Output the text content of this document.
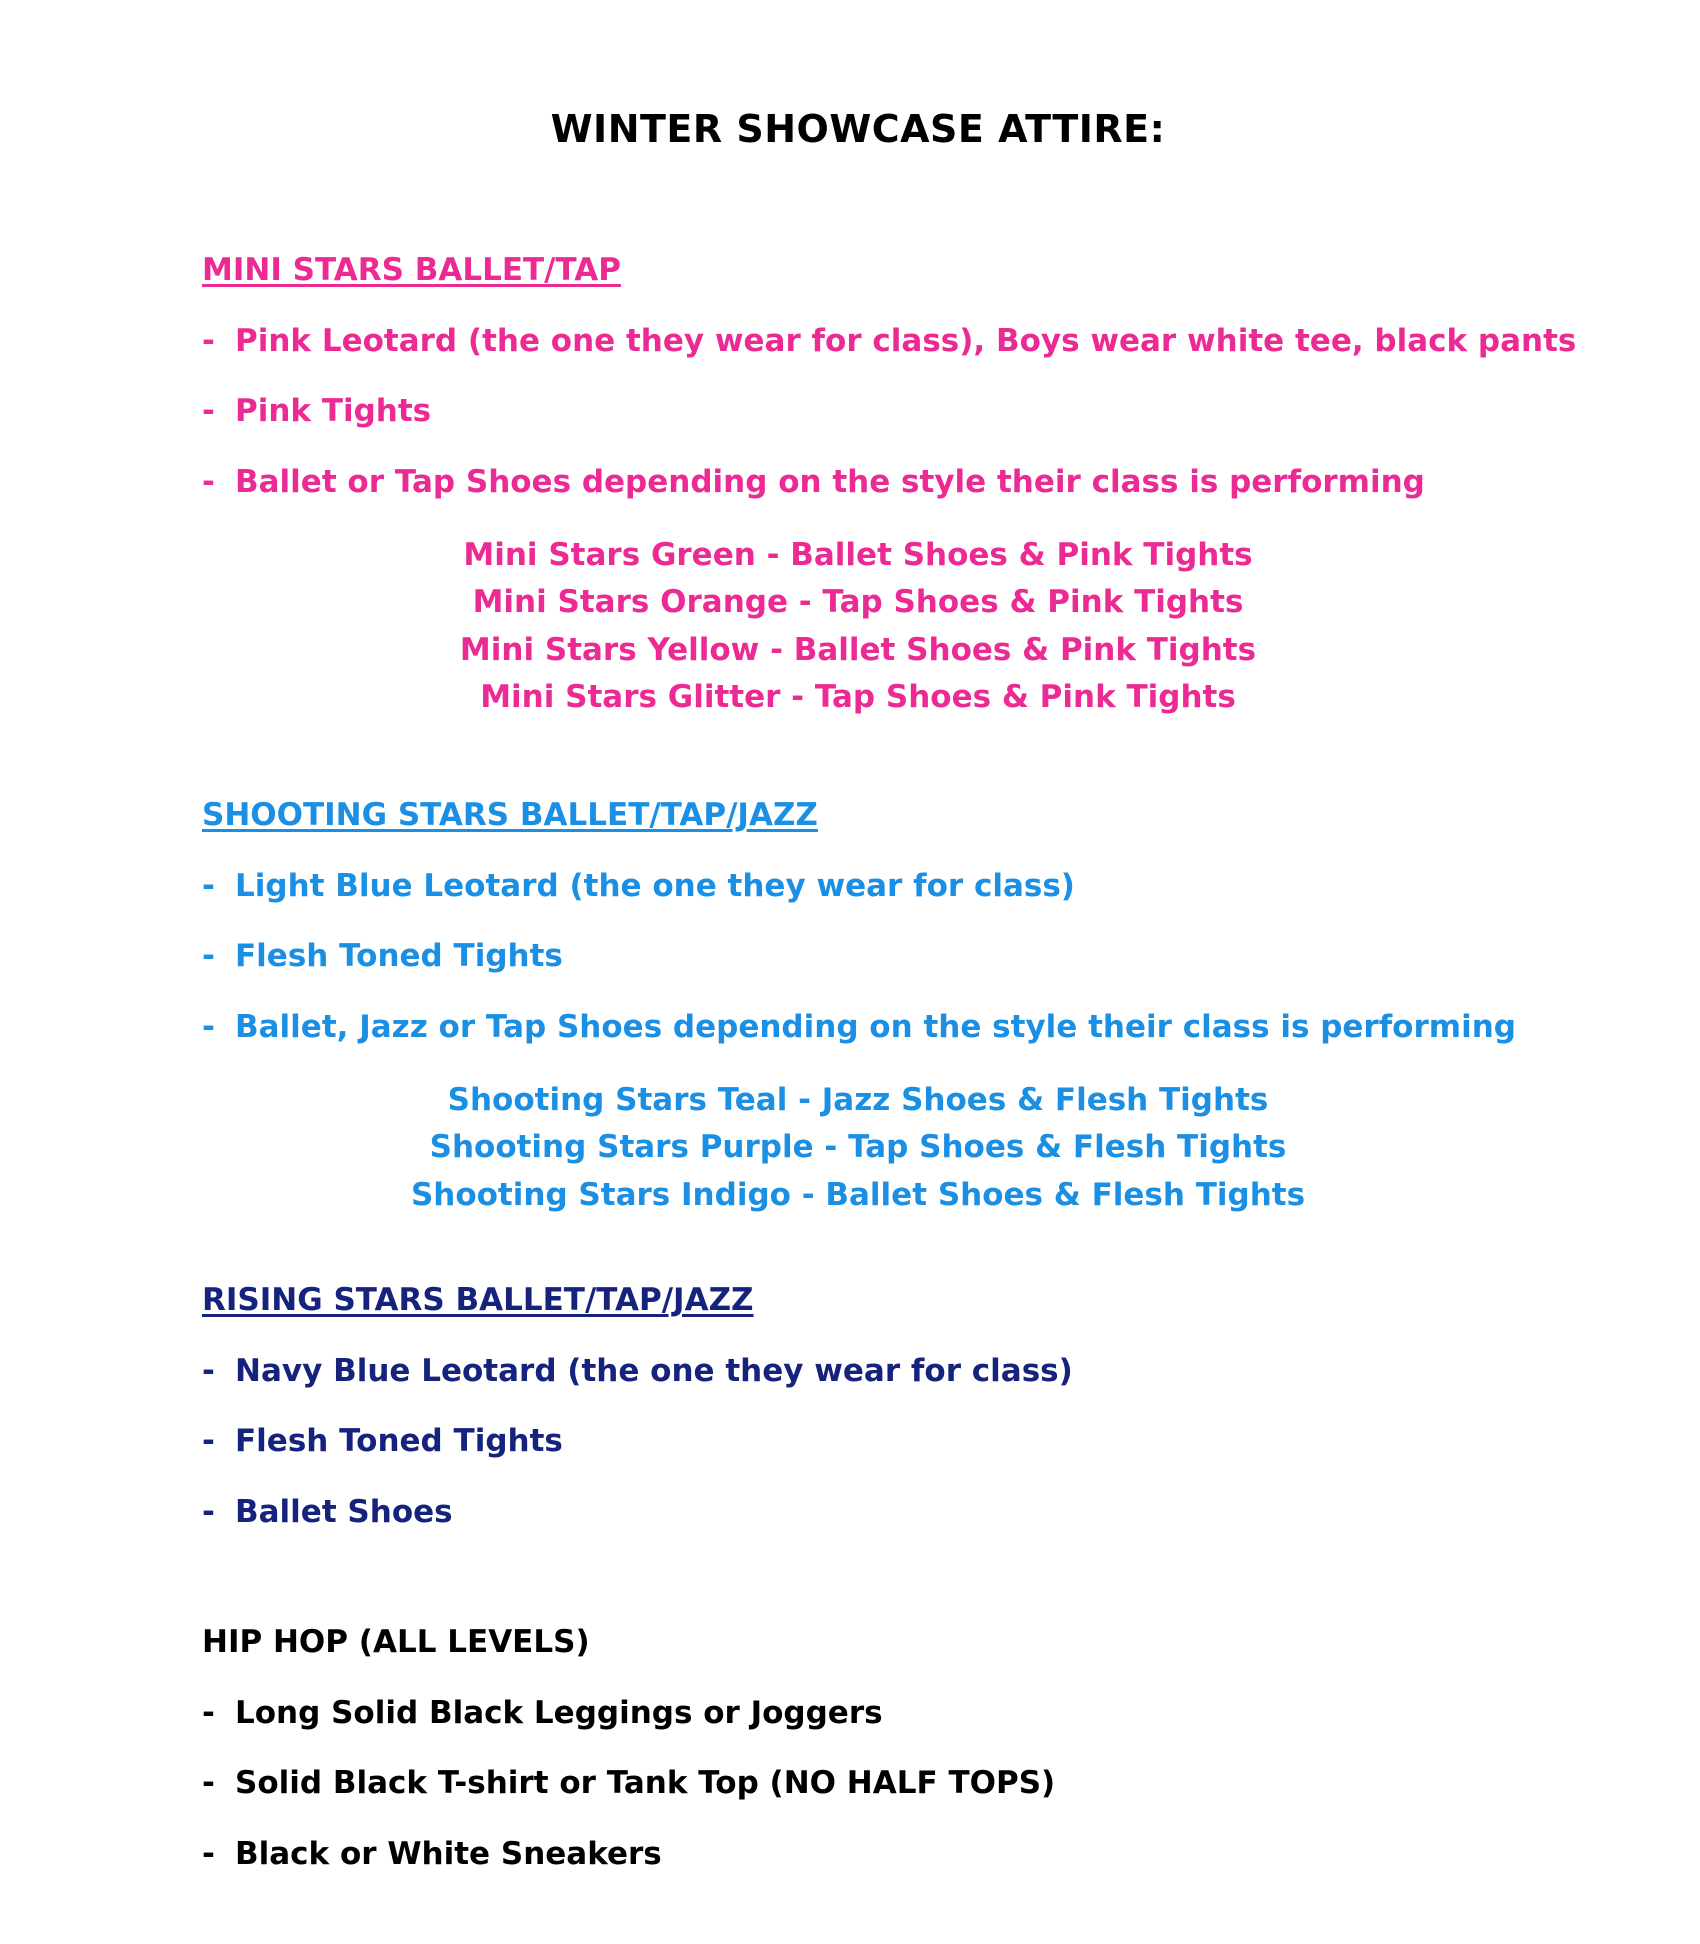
WINTER SHOWCASE ATTIRE:
MINI STARS BALLET/TAP
- Pink Leotard (the one they wear for class), Boys wear white tee, black pants
- Pink Tights
- Ballet or Tap Shoes depending on the style their class is performing
Mini Stars Green - Ballet Shoes & Pink Tights
Mini Stars Orange - Tap Shoes & Pink Tights
Mini Stars Yellow - Ballet Shoes & Pink Tights
Mini Stars Glitter - Tap Shoes & Pink Tights
SHOOTING STARS BALLET/TAP/JAZZ
- Light Blue Leotard (the one they wear for class)
- Flesh Toned Tights
- Ballet, Jazz or Tap Shoes depending on the style their class is performing
Shooting Stars Teal - Jazz Shoes & Flesh Tights
Shooting Stars Purple - Tap Shoes & Flesh Tights
Shooting Stars Indigo - Ballet Shoes & Flesh Tights
RISING STARS BALLET/TAP/JAZZ
- Navy Blue Leotard (the one they wear for class)
- Flesh Toned Tights
- Ballet Shoes
HIP HOP (ALL LEVELS)
- Long Solid Black Leggings or Joggers
- Solid Black T-shirt or Tank Top (NO HALF TOPS)
- Black or White Sneakers
